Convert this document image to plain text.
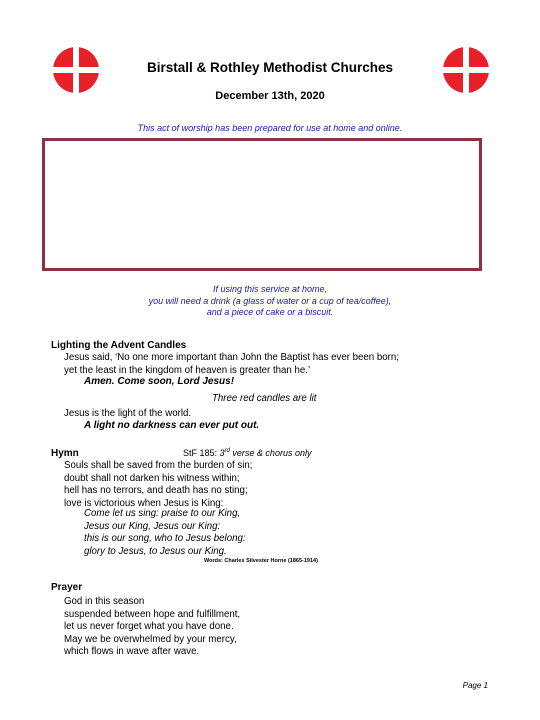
Birstall & Rothley Methodist Churches
December 13th, 2020
This act of worship has been prepared for use at home and online.
If using this service at home,
you will need a drink (a glass of water or a cup of tea/coffee),
and a piece of cake or a biscuit.
Lighting the Advent Candles
Jesus said, ‘No one more important than John the Baptist has ever been born;
yet the least in the kingdom of heaven is greater than he.’
Amen. Come soon, Lord Jesus!
Three red candles are lit
Jesus is the light of the world.
A light no darkness can ever put out.
Hymn	StF 185: 3rd verse & chorus only
Souls shall be saved from the burden of sin;
doubt shall not darken his witness within;
hell has no terrors, and death has no sting;
love is victorious when Jesus is King:
Come let us sing: praise to our King,
Jesus our King, Jesus our King:
this is our song, who to Jesus belong:
glory to Jesus, to Jesus our King.
Words: Charles Silvester Horne (1865-1914)
Prayer
God in this season
suspended between hope and fulfillment,
let us never forget what you have done.
May we be overwhelmed by your mercy,
which flows in wave after wave.
Page 1
